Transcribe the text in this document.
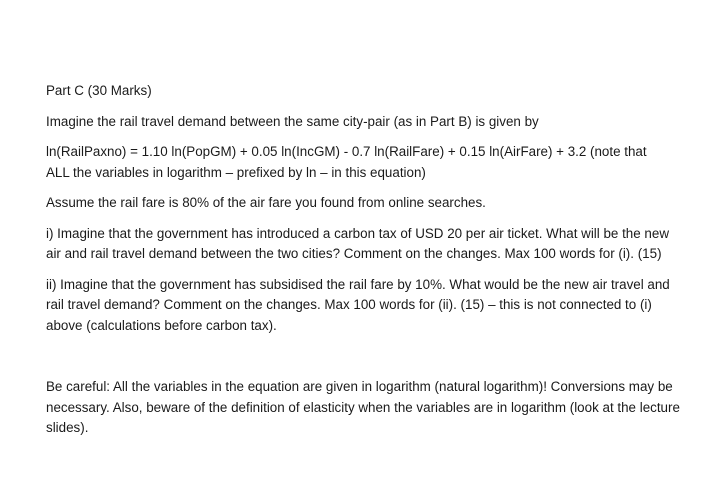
Part C (30 Marks)

Imagine the rail travel demand between the same city-pair (as in Part B) is given by

ln(RailPaxno) = 1.10 ln(PopGM) + 0.05 ln(IncGM) - 0.7 ln(RailFare) + 0.15 ln(AirFare) + 3.2 (note that

ALL the variables in logarithm – prefixed by ln – in this equation)

Assume the rail fare is 80% of the air fare you found from online searches.

i) Imagine that the government has introduced a carbon tax of USD 20 per air ticket. What will be the new air and rail travel demand between the two cities? Comment on the changes. Max 100 words for (i). (15)

ii) Imagine that the government has subsidised the rail fare by 10%. What would be the new air travel and rail travel demand? Comment on the changes. Max 100 words for (ii). (15) – this is not connected to (i) above (calculations before carbon tax).

Be careful: All the variables in the equation are given in logarithm (natural logarithm)! Conversions may be necessary. Also, beware of the definition of elasticity when the variables are in logarithm (look at the lecture slides).
